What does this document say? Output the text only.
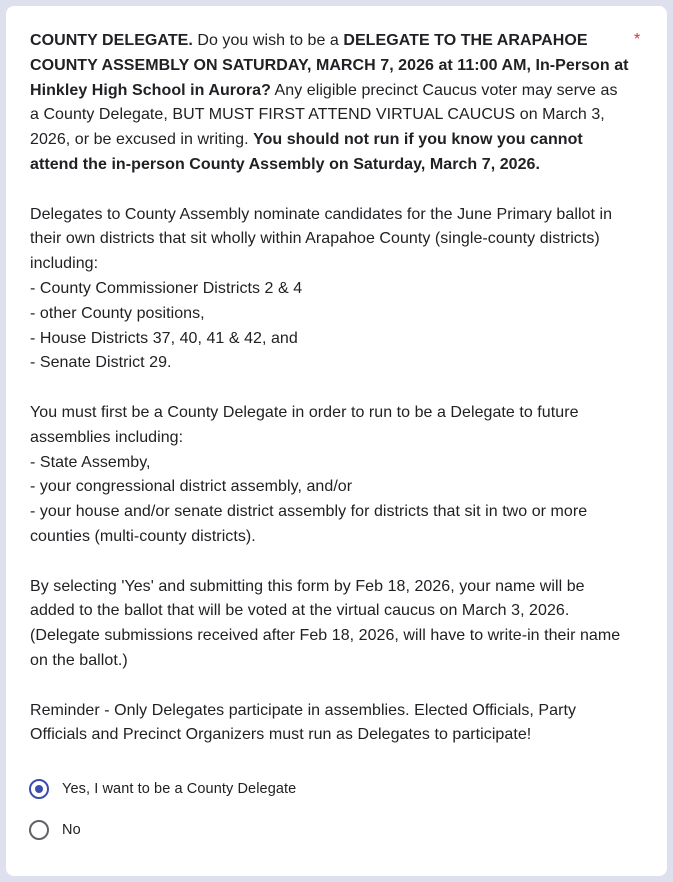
COUNTY DELEGATE. Do you wish to be a DELEGATE TO THE ARAPAHOE COUNTY ASSEMBLY ON SATURDAY, MARCH 7, 2026 at 11:00 AM, In-Person at Hinkley High School in Aurora? Any eligible precinct Caucus voter may serve as a County Delegate, BUT MUST FIRST ATTEND VIRTUAL CAUCUS on March 3, 2026, or be excused in writing. You should not run if you know you cannot attend the in-person County Assembly on Saturday, March 7, 2026.

Delegates to County Assembly nominate candidates for the June Primary ballot in their own districts that sit wholly within Arapahoe County (single-county districts) including:
- County Commissioner Districts 2 & 4
- other County positions,
- House Districts 37, 40, 41 & 42, and
- Senate District 29.

You must first be a County Delegate in order to run to be a Delegate to future assemblies including:
- State Assemby,
- your congressional district assembly, and/or
- your house and/or senate district assembly for districts that sit in two or more counties (multi-county districts).

By selecting 'Yes' and submitting this form by Feb 18, 2026, your name will be added to the ballot that will be voted at the virtual caucus on March 3, 2026. (Delegate submissions received after Feb 18, 2026, will have to write-in their name on the ballot.)

Reminder - Only Delegates participate in assemblies. Elected Officials, Party Officials and Precinct Organizers must run as Delegates to participate!

*
Yes, I want to be a County Delegate
No
